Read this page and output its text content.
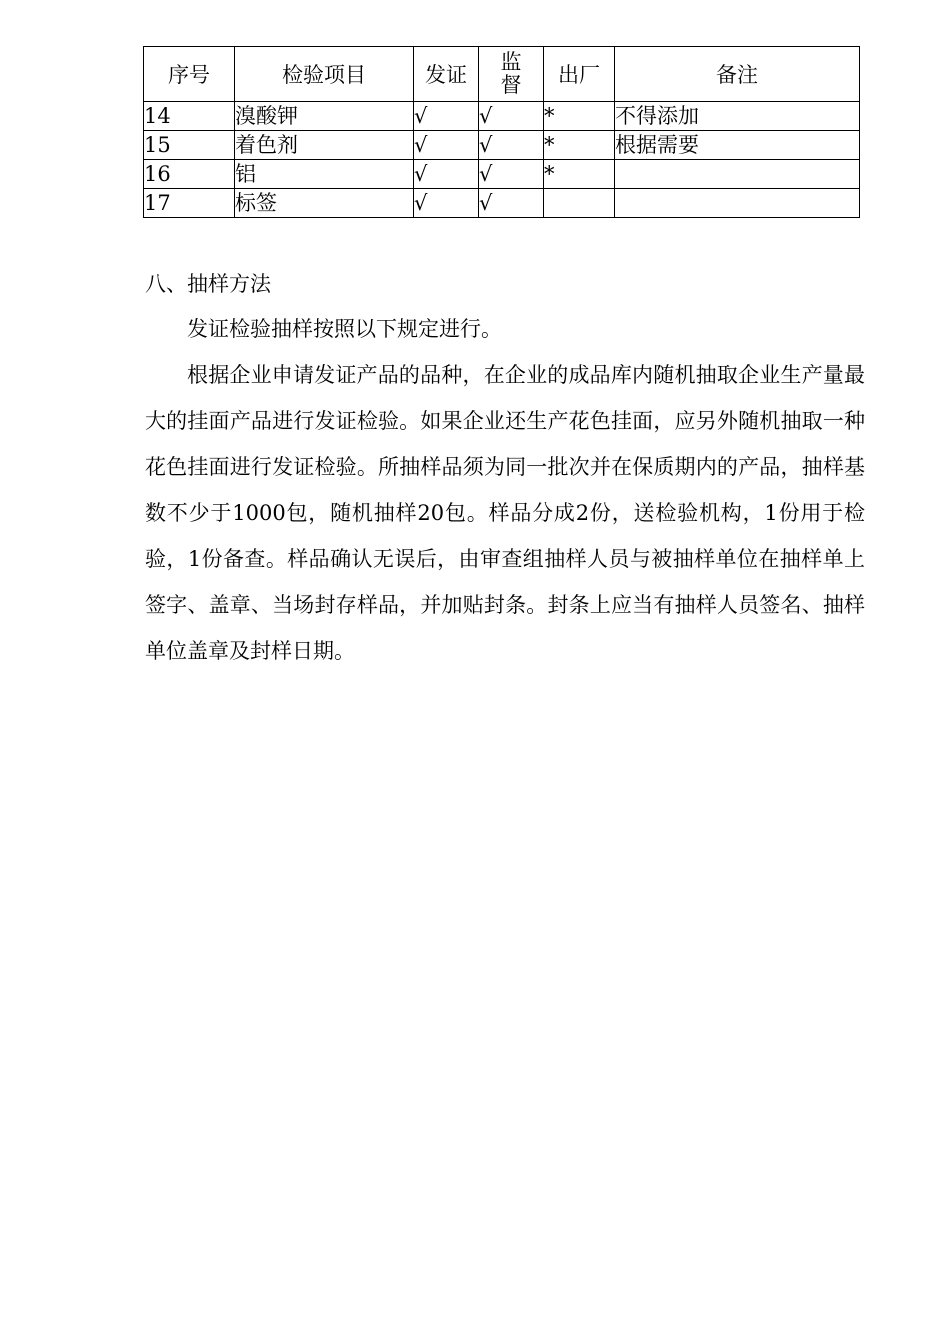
序号	检验项目	发证	监督	出厂	备注
14	溴酸钾	√	√	*	不得添加
15	着色剂	√	√	*	根据需要
16	铝	√	√	*	
17	标签	√	√		
八、抽样方法

发证检验抽样按照以下规定进行。

根据企业申请发证产品的品种，在企业的成品库内随机抽取企业生产量最大的挂面产品进行发证检验。如果企业还生产花色挂面，应另外随机抽取一种花色挂面进行发证检验。所抽样品须为同一批次并在保质期内的产品，抽样基数不少于1000包，随机抽样20包。样品分成2份，送检验机构，1份用于检验，1份备查。样品确认无误后，由审查组抽样人员与被抽样单位在抽样单上签字、盖章、当场封存样品，并加贴封条。封条上应当有抽样人员签名、抽样单位盖章及封样日期。
